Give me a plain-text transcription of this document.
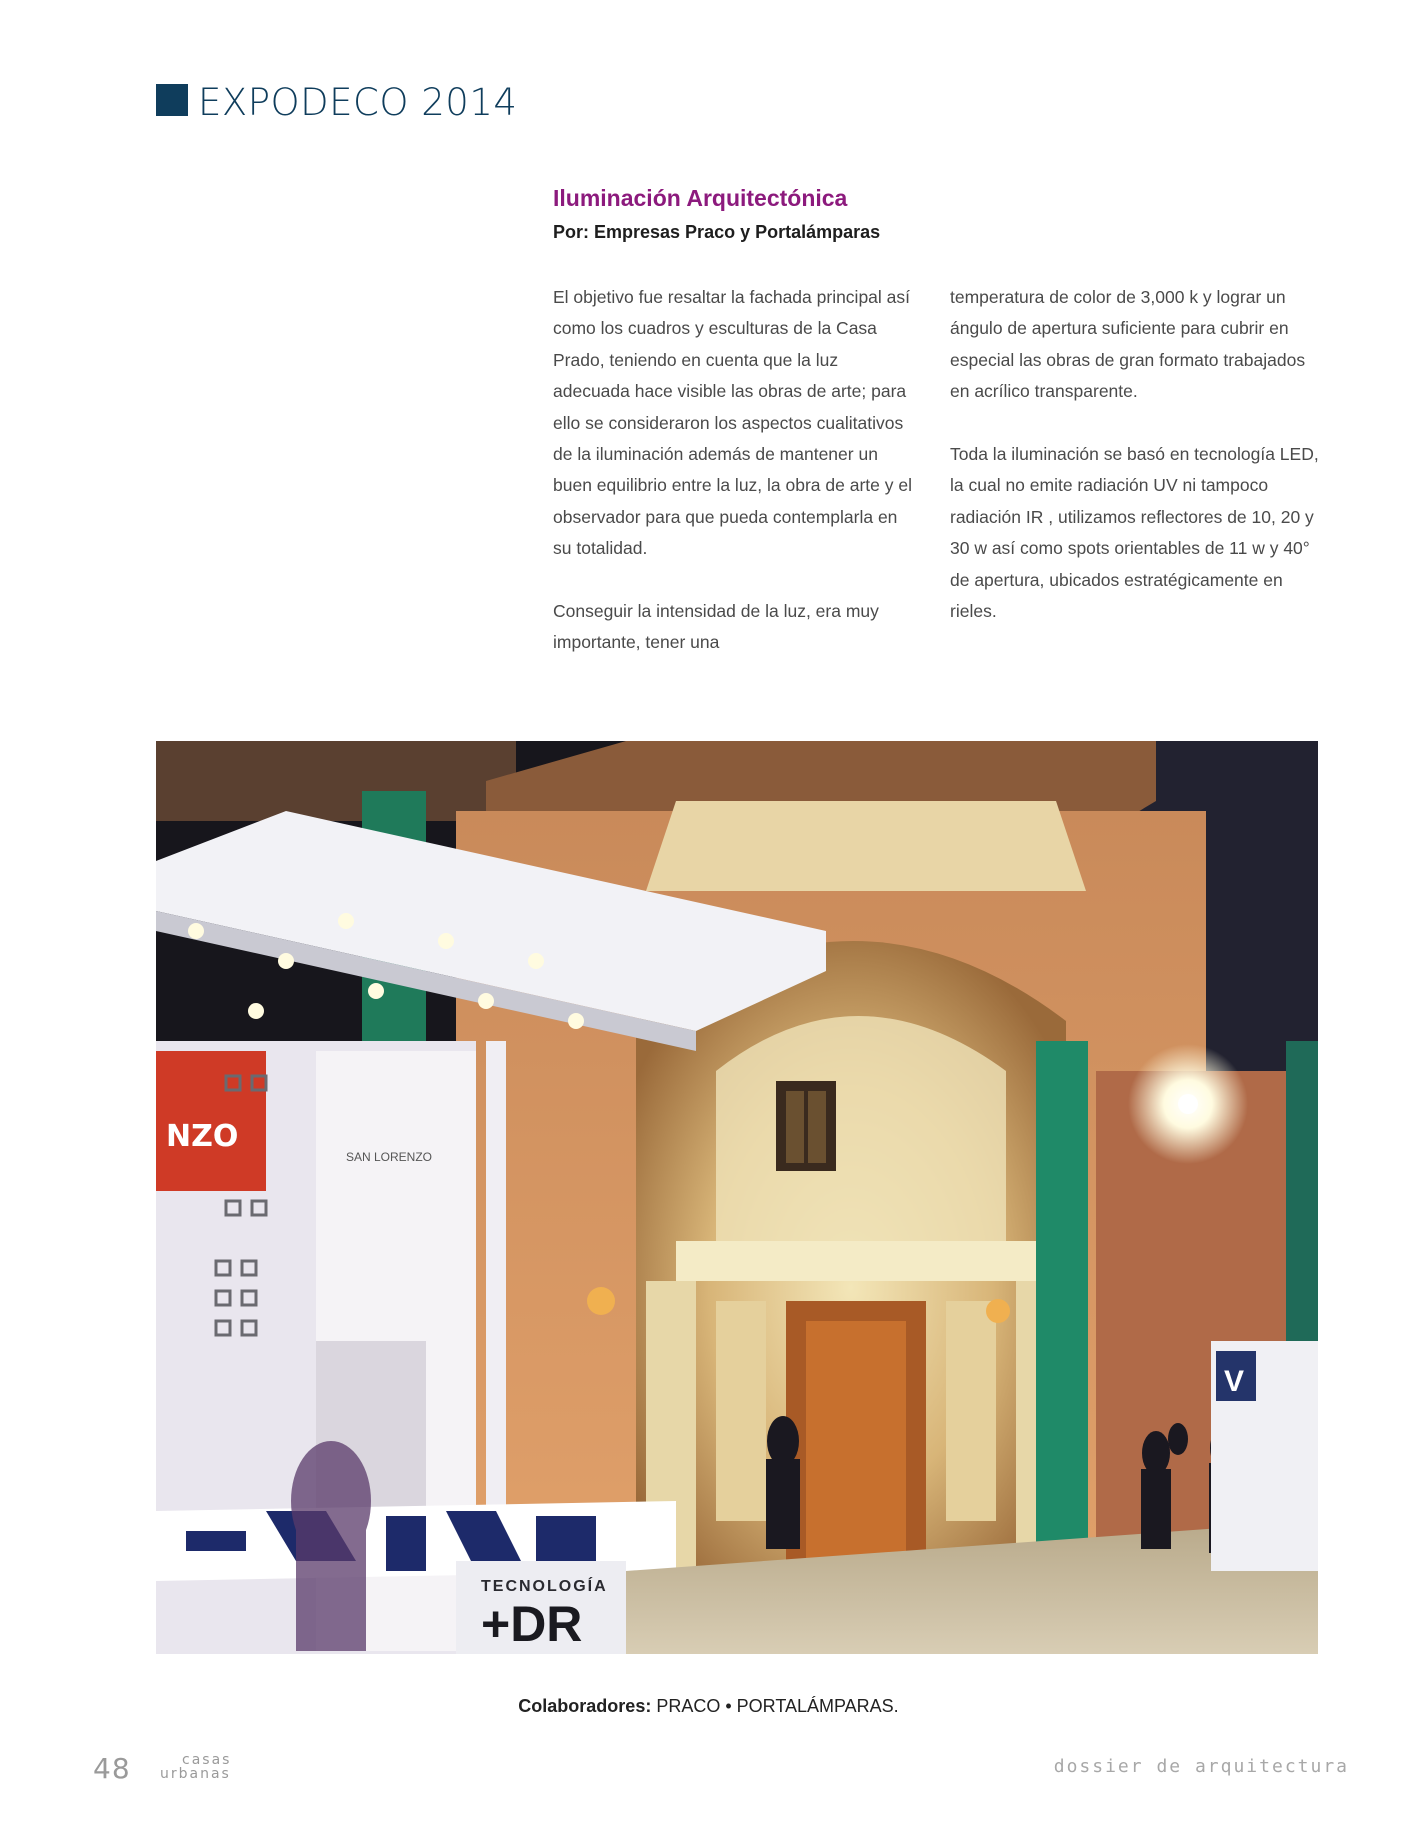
EXPODECO 2014
Iluminación Arquitectónica
Por: Empresas Praco y Portalámparas

El objetivo fue resaltar la fachada principal así como los cuadros y esculturas de la Casa Prado, teniendo en cuenta que la luz adecuada hace visible las obras de arte; para ello se consideraron los aspectos cualitativos de la iluminación además de mantener un buen equilibrio entre la luz, la obra de arte y el observador para que pueda contemplarla en su totalidad.

Conseguir la intensidad de la luz, era muy importante, tener una

temperatura de color de 3,000 k y lograr un ángulo de apertura suficiente para cubrir en especial las obras de gran formato trabajados en acrílico transparente.

Toda la iluminación se basó en tecnología LED, la cual no emite radiación UV ni tampoco radiación IR , utilizamos reflectores de 10, 20 y 30 w así como spots orientables de 11 w y 40° de apertura, ubicados estratégicamente en rieles.

NZO
SAN LORENZO
TECNOLOGÍA
+DR
V
Colaboradores: PRACO • PORTALÁMPARAS.
48	casas
urbanas	dossier de arquitectura
